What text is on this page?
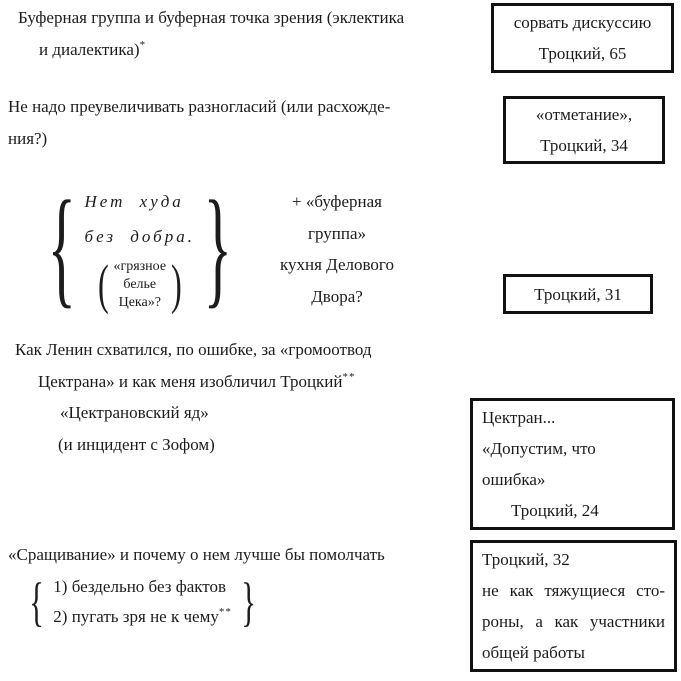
Буферная группа и буферная точка зрения (эклектика
и диалектика)*
Не надо преувеличивать разногласий (или расхожде-
ния?)
{ Нет худа
без добра.
( «грязное
белье
Цека»? ) }	+ «буферная
группа»
кухня Делового
Двора?
Как Ленин схватился, по ошибке, за «громоотвод
Цектрана» и как меня изобличил Троцкий**
«Цектрановский яд»
(и инцидент с Зофом)
«Сращивание» и почему о нем лучше бы помолчать
{ 1) бездельно без фактов
2) пугать зря не к чему** }
сорвать дискуссию
Троцкий, 65
«отметание»,
Троцкий, 34
Троцкий, 31
Цектран...
«Допустим, что
ошибка»
Троцкий, 24
Троцкий, 32
не как тяжущиеся сто-
роны, а как участники
общей работы
